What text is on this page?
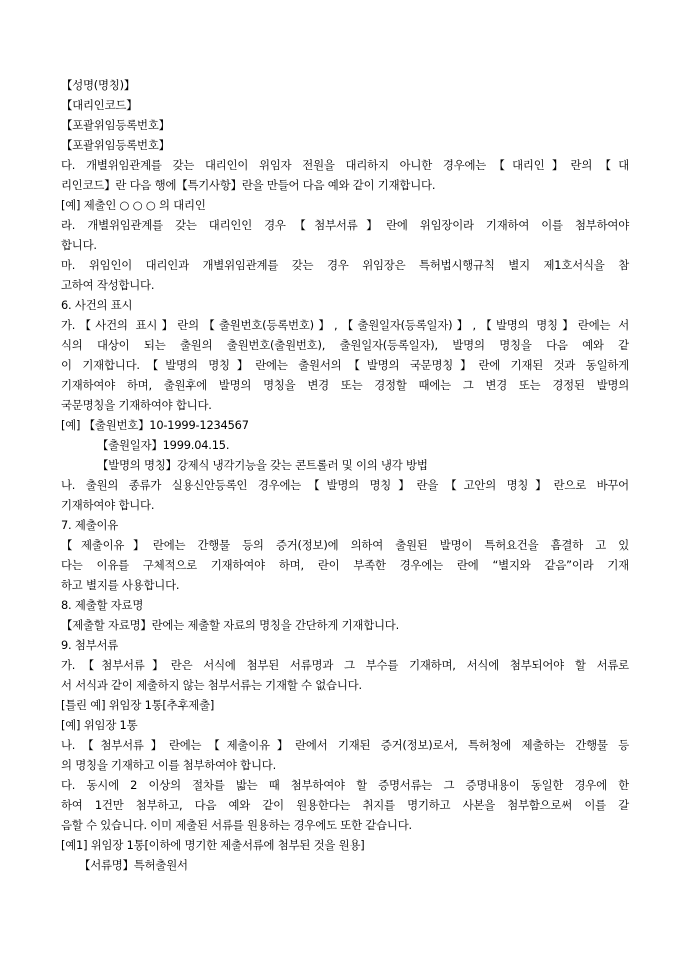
【성명(명칭)】
【대리인코드】
【포괄위임등록번호】
【포괄위임등록번호】
다. 개별위임관계를 갖는 대리인이 위임자 전원을 대리하지 아니한 경우에는【대리인】란의【대
리인코드】란 다음 행에【특기사항】란을 만들어 다음 예와 같이 기재합니다.
[예] 제출인 ○ ○ ○ 의 대리인
라. 개별위임관계를 갖는 대리인인 경우【첨부서류】란에 위임장이라 기재하여 이를 첨부하여야
합니다.
마. 위임인이 대리인과 개별위임관계를 갖는 경우 위임장은 특허법시행규칙 별지 제1호서식을 참
고하여 작성합니다.
6. 사건의 표시
가.【사건의 표시】란의【출원번호(등록번호)】,【출원일자(등록일자)】,【발명의 명칭】란에는 서
식의 대상이 되는 출원의 출원번호(출원번호), 출원일자(등록일자), 발명의 명칭을 다음 예와 같
이 기재합니다.【발명의 명칭】란에는 출원서의【발명의 국문명칭】란에 기재된 것과 동일하게
기재하여야 하며, 출원후에 발명의 명칭을 변경 또는 경정할 때에는 그 변경 또는 경정된 발명의
국문명칭을 기재하여야 합니다.
[예] 【출원번호】10-1999-1234567
【출원일자】1999.04.15.
【발명의 명칭】강제식 냉각기능을 갖는 콘트롤러 및 이의 냉각 방법
나. 출원의 종류가 실용신안등록인 경우에는【발명의 명칭】란을【고안의 명칭】란으로 바꾸어
기재하여야 합니다.
7. 제출이유
【제출이유】란에는 간행물 등의 증거(정보)에 의하여 출원된 발명이 특허요건을 흠결하 고 있
다는 이유를 구체적으로 기재하여야 하며, 란이 부족한 경우에는 란에 “별지와 같음”이라 기재
하고 별지를 사용합니다.
8. 제출할 자료명
【제출할 자료명】란에는 제출할 자료의 명칭을 간단하게 기재합니다.
9. 첨부서류
가.【첨부서류】란은 서식에 첨부된 서류명과 그 부수를 기재하며, 서식에 첨부되어야 할 서류로
서 서식과 같이 제출하지 않는 첨부서류는 기재할 수 없습니다.
[틀린 예] 위임장 1통[추후제출]
[예] 위임장 1통
나.【첨부서류】란에는【제출이유】란에서 기재된 증거(정보)로서, 특허청에 제출하는 간행물 등
의 명칭을 기재하고 이를 첨부하여야 합니다.
다. 동시에 2 이상의 절차를 밟는 때 첨부하여야 할 증명서류는 그 증명내용이 동일한 경우에 한
하여 1건만 첨부하고, 다음 예와 같이 원용한다는 취지를 명기하고 사본을 첨부함으로써 이를 갈
음할 수 있습니다. 이미 제출된 서류를 원용하는 경우에도 또한 같습니다.
[예1] 위임장 1통[이하에 명기한 제출서류에 첨부된 것을 원용]
【서류명】특허출원서
